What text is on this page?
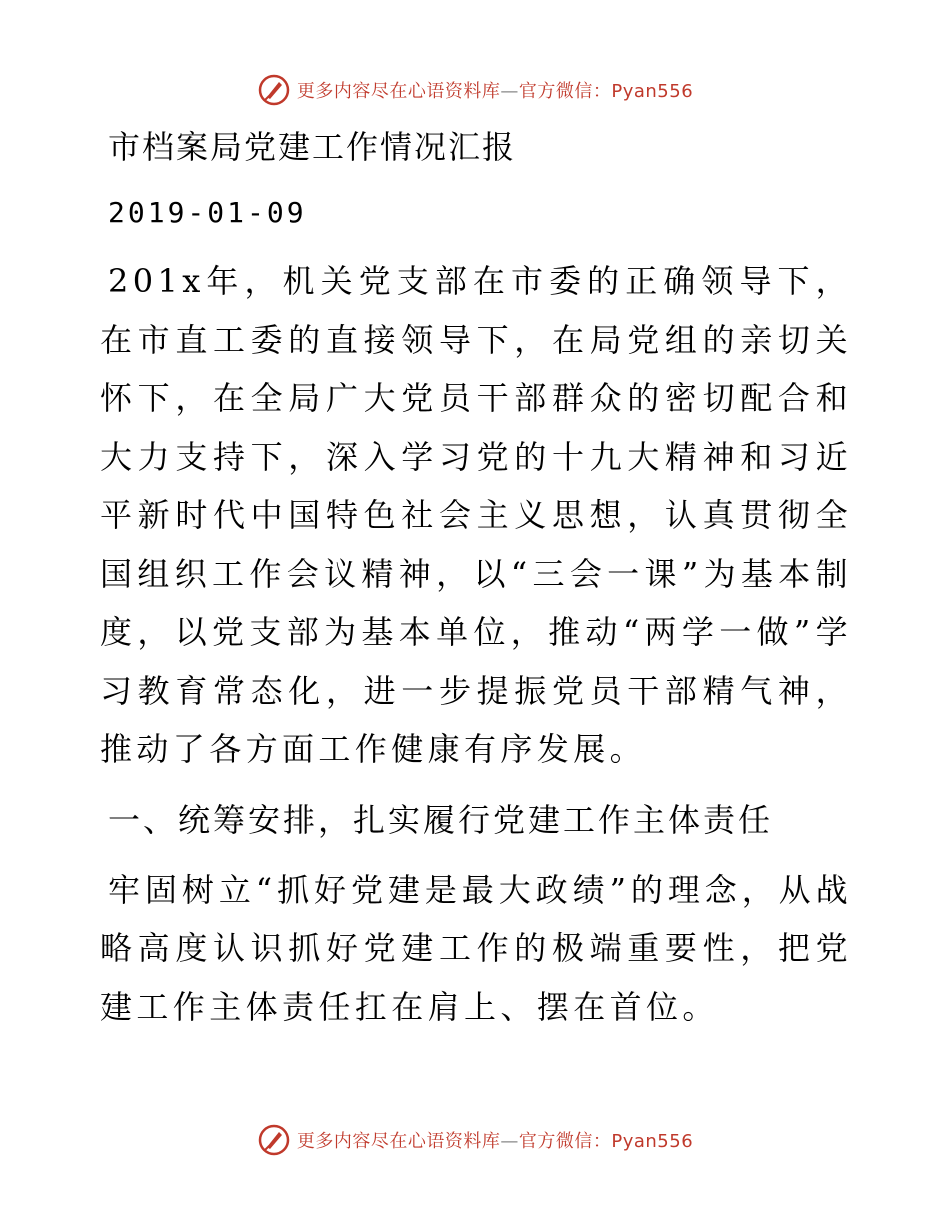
更多内容尽在心语资料库—官方微信：Pyan556
市档案局党建工作情况汇报
2019-01-09

201x年，机关党支部在市委的正确领导下，在市直工委的直接领导下，在局党组的亲切关怀下，在全局广大党员干部群众的密切配合和大力支持下，深入学习党的十九大精神和习近平新时代中国特色社会主义思想，认真贯彻全国组织工作会议精神，以“三会一课”为基本制度，以党支部为基本单位，推动“两学一做”学习教育常态化，进一步提振党员干部精气神，推动了各方面工作健康有序发展。

一、统筹安排，扎实履行党建工作主体责任

牢固树立“抓好党建是最大政绩”的理念，从战略高度认识抓好党建工作的极端重要性，把党建工作主体责任扛在肩上、摆在首位。

更多内容尽在心语资料库—官方微信：Pyan556
